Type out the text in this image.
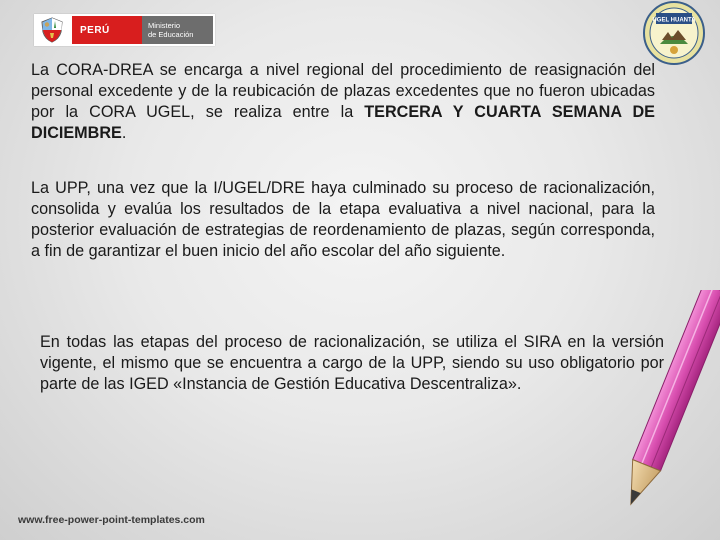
PERÚ	Ministerio
de Educación
UGEL HUANTA

La CORA-DREA se encarga a nivel regional del procedimiento de reasignación del personal excedente y de la reubicación de plazas excedentes que no fueron ubicadas por la CORA UGEL, se realiza entre la TERCERA Y CUARTA SEMANA DE DICIEMBRE.

La UPP, una vez que la I/UGEL/DRE haya culminado su proceso de racionalización, consolida y evalúa los resultados de la etapa evaluativa a nivel nacional, para la posterior evaluación de estrategias de reordenamiento de plazas, según corresponda, a fin de garantizar el buen inicio del año escolar del año siguiente.

En todas las etapas del proceso de racionalización, se utiliza el SIRA en la versión vigente, el mismo que se encuentra a cargo de la UPP, siendo su uso obligatorio por parte de las IGED «Instancia de Gestión Educativa Descentraliza».

www.free-power-point-templates.com
